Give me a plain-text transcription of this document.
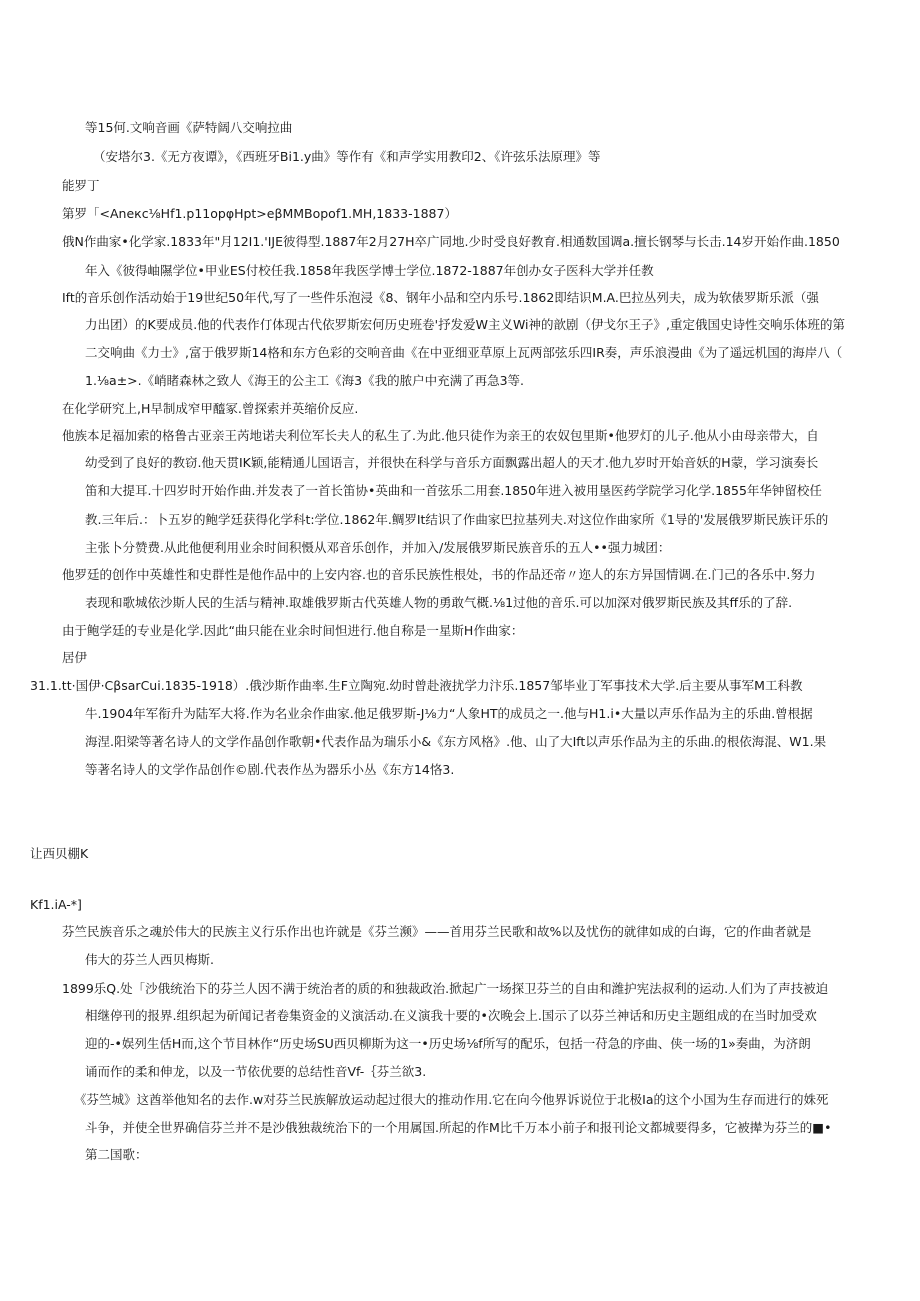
等15何.文响音画《萨特阔八交响拉曲
（安塔尔3.《无方夜谭》，《西班牙Bi1.y曲》等作有《和声学实用教印2、《许弦乐法原理》等
能罗丁
第罗「<Anекс⅛Hf1.p11opφHpt>eβMMBopof1.MH,1833-1887）
俄N作曲家•化学家.1833年"月12I1.'IJE彼得型.1887年2月27H卒广同地.少时受良好教育.相通数国调a.擅长钢琴与长击.14岁开始作曲.1850
年入《彼得岫隰学位•甲业ES付校任我.1858年我医学博士学位.1872-1887年创办女子医科大学并任教
Ift的音乐创作活动始于19世纪50年代,写了一些件乐泡浸《8、钢年小品和空内乐号.1862即结识M.A.巴拉丛列夫，成为软俵罗斯乐派（强
力出团）的K要成员.他的代表作仃体现古代依罗斯宏何历史班卷'抒发爱W主义Wi神的歆剧（伊戈尔王子》,重定俄国史诗性交响乐体班的第
二交响曲《力士》,富于俄罗斯14格和东方色彩的交响音曲《在中亚细亚草原上瓦两部弦乐四IR奏，声乐浪漫曲《为了遥远机国的海岸八（
1.⅛a±>.《峭睹森林之致人《海王的公主工《海3《我的脓户中充满了再急3等.
在化学研究上,H早制成窄甲醯冢.曾探索并英缩价反应.
他族本足福加索的格鲁古亚亲王芮地诺夫利位军长夫人的私生了.为此.他只徒作为亲王的农奴包里斯•他罗灯的儿子.他从小由母亲带大，自
幼受到了良好的教窃.他天贯IK颖,能精通儿国语言，并很快在科学与音乐方面飘露出超人的天才.他九岁时开始音妖的H蒙，学习演奏长
笛和大提耳.十四岁时开始作曲.并发表了一首长笛协•英曲和一首弦乐二用套.1850年进入被用垦医药学院学习化学.1855年华钟留校任
教.三年后.：卜五岁的鲍学廷获得化学科t:学位.1862年.鲷罗It结识了作曲家巴拉基列夫.对这位作曲家所《1导的'发展俄罗斯民族讦乐的
主张卜分赞费.从此他便利用业余时间积慑从邓音乐创作，并加入/发展俄罗斯民族音乐的五人••强力城团：
他罗廷的创作中英雄性和史群性是他作品中的上安内容.也的音乐民族性根处，书的作品还帝〃迩人的东方异国情调.在.门己的各乐中.努力
表现和歌城依沙斯人民的生活与精神.取雄俄罗斯古代英雄人物的勇敢气概.⅛1过他的音乐.可以加深对俄罗斯民族及其ff乐的了辞.
由于鲍学廷的专业是化学.因此“曲只能在业余时间怛进行.他自称是一星斯H作曲家：
居伊
31.1.tt·国伊·CβsarCui.1835-1918）.俄沙斯作曲率.生F立陶宛.幼时曾赴液扰学力汴乐.1857邹毕业丁军事技术大学.后主要从事军M工科教
牛.1904年军衔升为陆军大将.作为名业余作曲家.他足俄罗斯-J⅛力“人象HT的成员之一.他与H1.i•大量以声乐作品为主的乐曲.曾根据
海涅.阳梁等著名诗人的文学作晶创作歌朝•代表作品为瑞乐小&《东方风格》.他、山了大Ift以声乐作品为主的乐曲.的根依海混、W1.果
等著名诗人的文学作品创作©剧.代表作丛为器乐小丛《东方14恪3.
让西贝棚K
Kf1.iA-*]
芬竺民族音乐之魂於伟大的民族主义行乐作出也许就是《芬兰濒》——首用芬兰民歌和故%以及忧伤的就律如成的白诲，它的作曲者就是
伟大的芬兰人西贝梅斯.
1899乐Q.处「沙俄统治下的芬兰人因不满于统治者的质的和独裁政治.掀起广一场探卫芬兰的自由和潍护宪法叔利的运动.人们为了声技被迫
相继停刊的报界.组织起为斫闻记者卷集资金的义演活动.在义演我十要的•次晚会上.国示了以芬兰神话和历史主题组成的在当时加受欢
迎的-•娱列生佸H而,这个节目林作“历史场SU西贝柳斯为这一•历史场⅛f所写的配乐，包括一苻急的序曲、侠一场的1»奏曲，为济朗
诵而作的柔和伸龙，以及一节依优要的总结性音Vf-｛芬兰欲3.
《芬竺城》这酋举他知名的去作.w对芬兰民族解放运动起过很大的推动作用.它在向今他界诉说位于北极Ia的这个小国为生存而进行的姝死
斗争，并使全世界确信芬兰并不是沙俄独裁统治下的一个用属国.所起的作M比千万本小前子和报刊论文都城要得多，它被撵为芬兰的■•
第二国歌：
